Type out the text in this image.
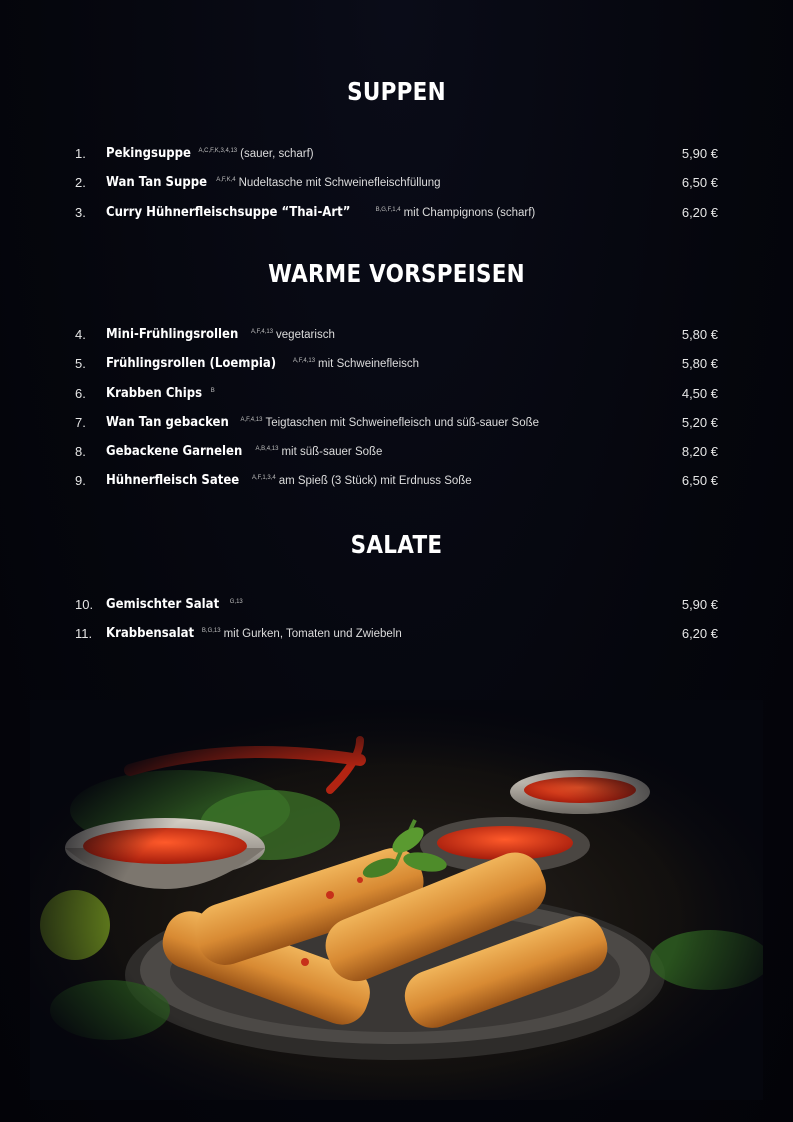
SUPPEN
1. Pekingsuppe $^{A,C,F,K,3,4,13}$ (sauer, scharf)	5,90 €
2. Wan Tan Suppe $^{A,F,K,4}$ Nudeltasche mit Schweinefleischfüllung	6,50 €
3. Curry Hühnerfleischsuppe “Thai-Art”	$^{B,G,F,1,4}$ mit Champignons (scharf)	6,20 €
WARME VORSPEISEN
4. Mini-Frühlingsrollen $^{A,F,4,13}$ vegetarisch	5,80 €
5. Frühlingsrollen (Loempia)	$^{A,F,4,13}$ mit Schweinefleisch	5,80 €
6. Krabben Chips $^B$	4,50 €
7. Wan Tan gebacken $^{A,F,4,13}$ Teigtaschen mit Schweinefleisch und süß-sauer Soße	5,20 €
8. Gebackene Garnelen $^{A,B,4,13}$ mit süß-sauer Soße	8,20 €
9. Hühnerfleisch Satee $^{A,F,1,3,4}$ am Spieß (3 Stück) mit Erdnuss Soße	6,50 €
SALATE
10. Gemischter Salat $^{G,13}$	5,90 €
11. Krabbensalat $^{B,G,13}$ mit Gurken, Tomaten und Zwiebeln	6,20 €
